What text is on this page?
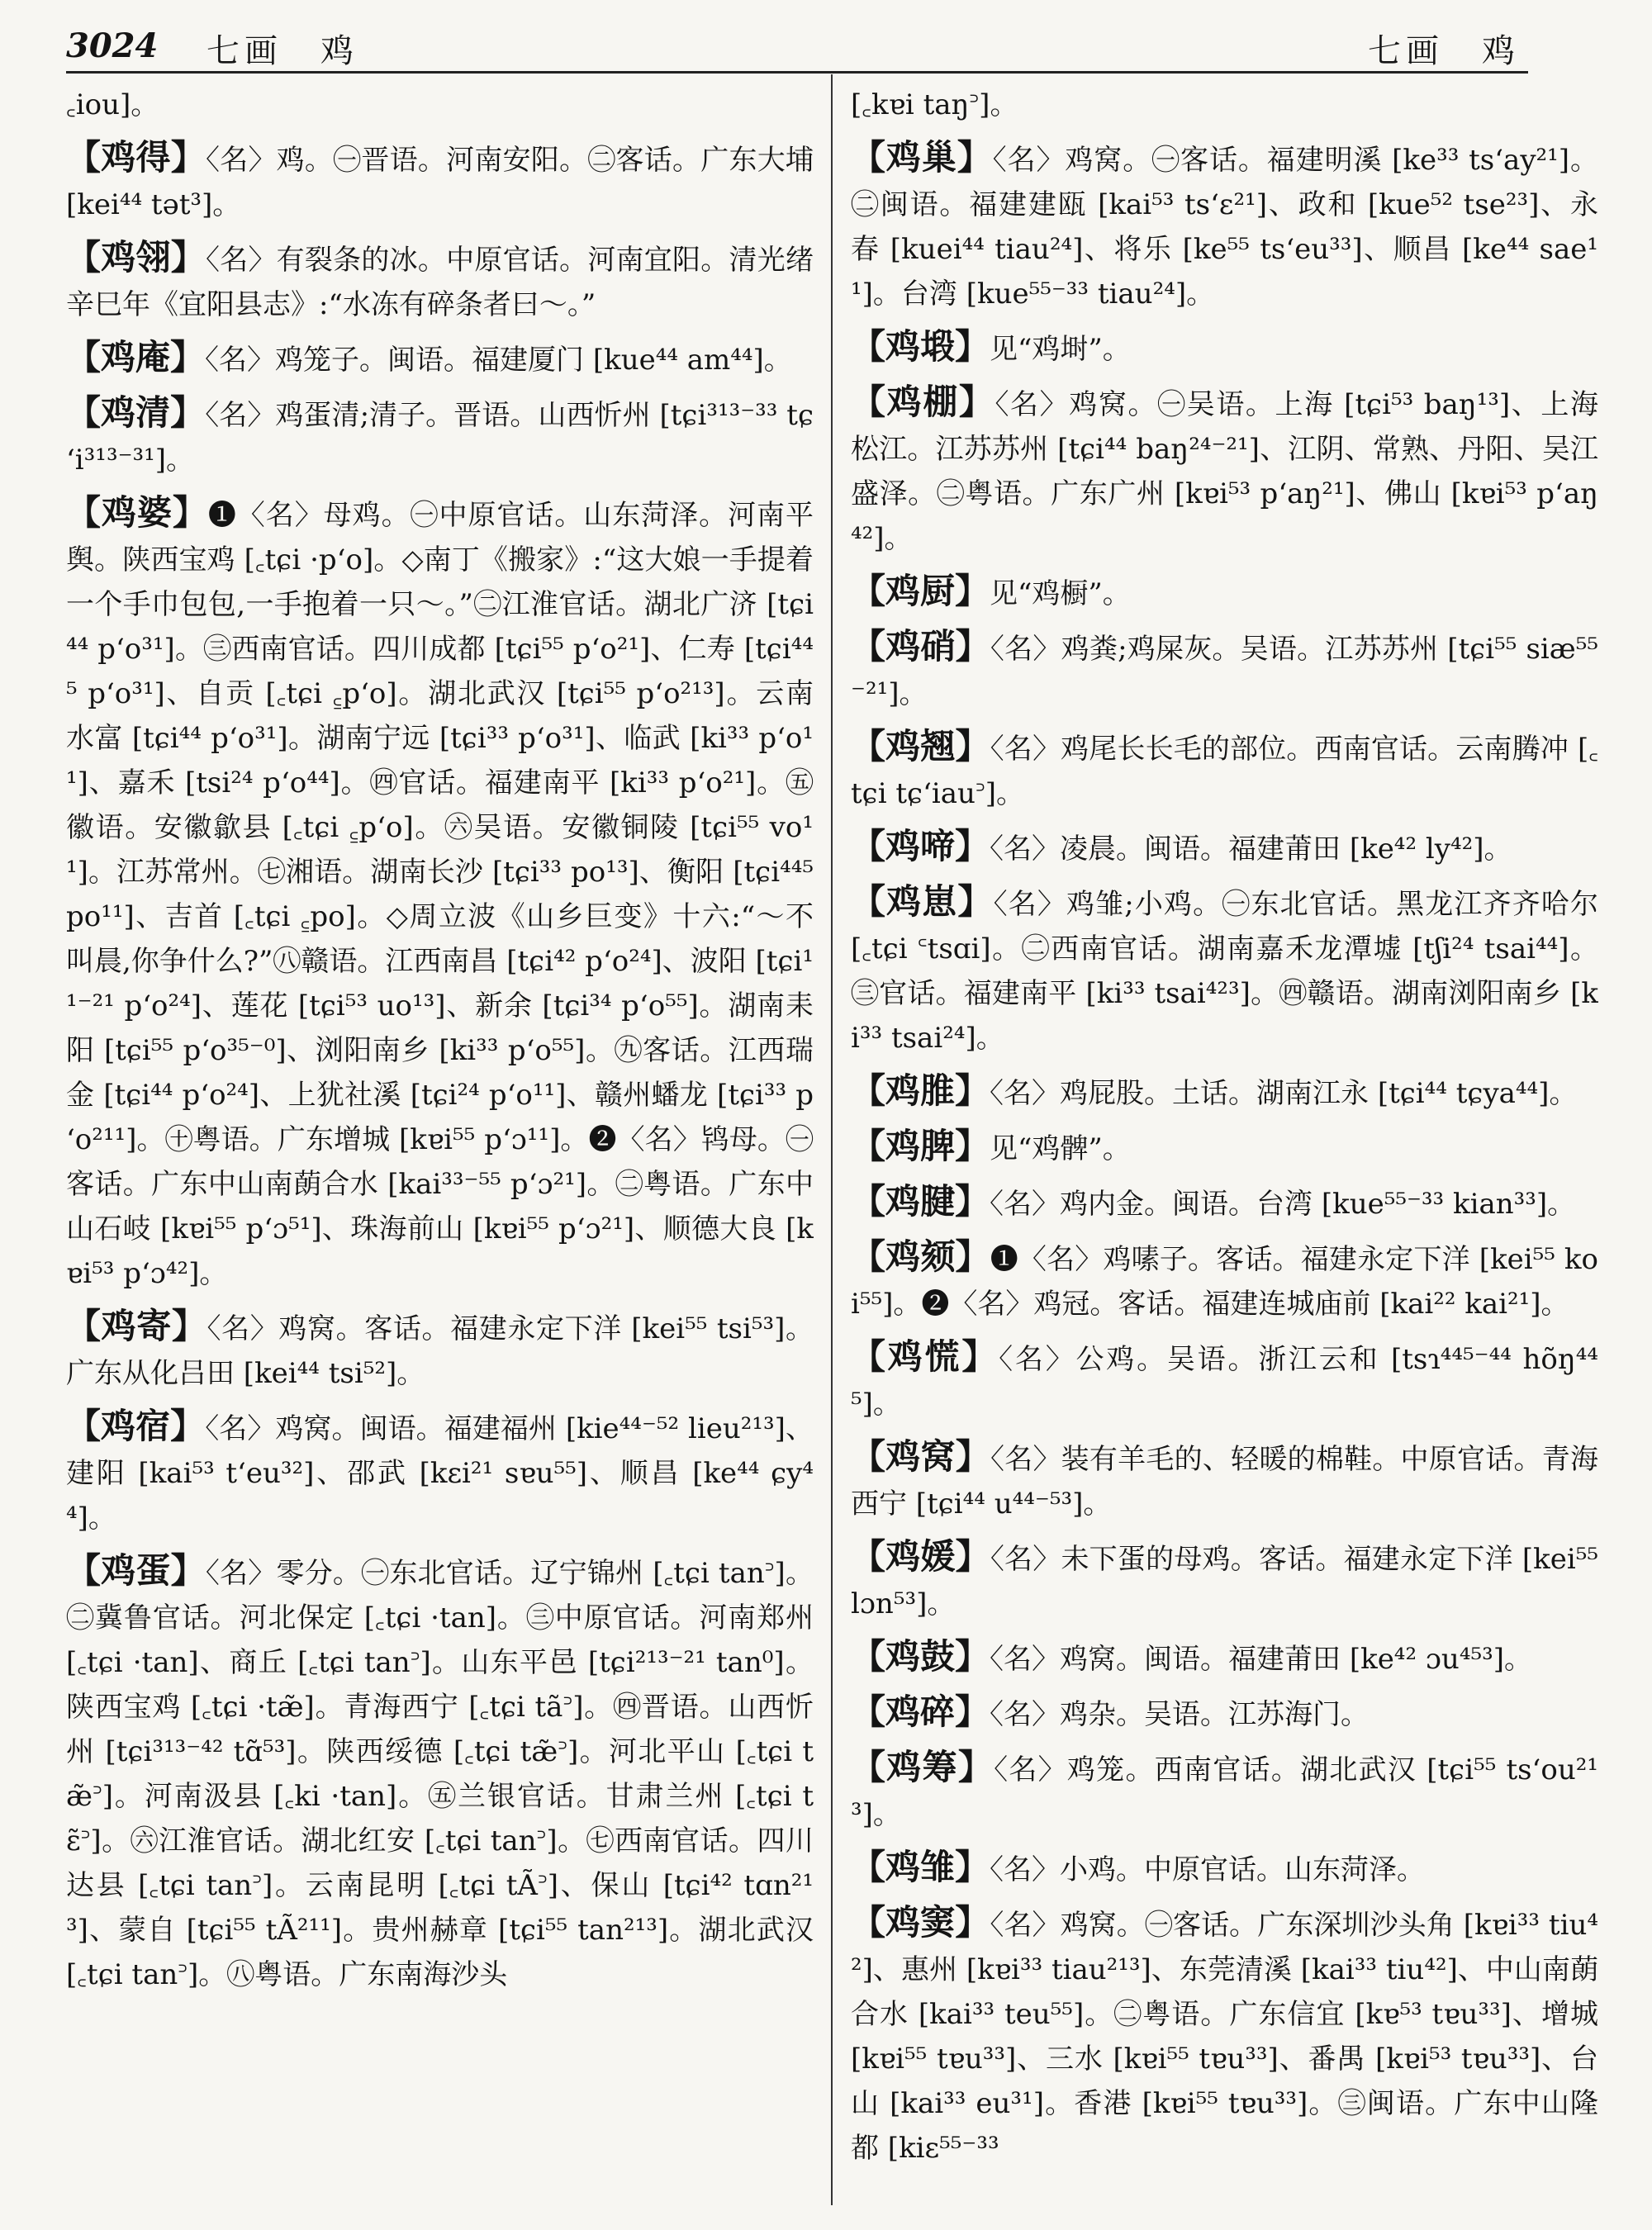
3024 七画　鸡	七画　鸡
꜀iou]。

【鸡得】〈名〉鸡。㊀晋语。河南安阳。㊁客话。广东大埔 [kei⁴⁴ tət³]。

【鸡翎】〈名〉有裂条的冰。中原官话。河南宜阳。清光绪辛巳年《宜阳县志》:“水冻有碎条者曰～。”

【鸡庵】〈名〉鸡笼子。闽语。福建厦门 [kue⁴⁴ am⁴⁴]。

【鸡清】〈名〉鸡蛋清;清子。晋语。山西忻州 [tɕi³¹³⁻³³ tɕʻi³¹³⁻³¹]。

【鸡婆】❶〈名〉母鸡。㊀中原官话。山东菏泽。河南平舆。陕西宝鸡 [꜀tɕi ·pʻo]。◇南丁《搬家》:“这大娘一手提着一个手巾包包,一手抱着一只～。”㊁江淮官话。湖北广济 [tɕi⁴⁴ pʻo³¹]。㊂西南官话。四川成都 [tɕi⁵⁵ pʻo²¹]、仁寿 [tɕi⁴⁴⁵ pʻo³¹]、自贡 [꜀tɕi ꜁pʻo]。湖北武汉 [tɕi⁵⁵ pʻo²¹³]。云南水富 [tɕi⁴⁴ pʻo³¹]。湖南宁远 [tɕi³³ pʻo³¹]、临武 [ki³³ pʻo¹¹]、嘉禾 [tsi²⁴ pʻo⁴⁴]。㊃官话。福建南平 [ki³³ pʻo²¹]。㊄徽语。安徽歙县 [꜀tɕi ꜁pʻo]。㊅吴语。安徽铜陵 [tɕi⁵⁵ vo¹¹]。江苏常州。㊆湘语。湖南长沙 [tɕi³³ po¹³]、衡阳 [tɕi⁴⁴⁵ po¹¹]、吉首 [꜀tɕi ꜁po]。◇周立波《山乡巨变》十六:“～不叫晨,你争什么?”㊇赣语。江西南昌 [tɕi⁴² pʻo²⁴]、波阳 [tɕi¹¹⁻²¹ pʻo²⁴]、莲花 [tɕi⁵³ uo¹³]、新余 [tɕi³⁴ pʻo⁵⁵]。湖南耒阳 [tɕi⁵⁵ pʻo³⁵⁻⁰]、浏阳南乡 [ki³³ pʻo⁵⁵]。㊈客话。江西瑞金 [tɕi⁴⁴ pʻo²⁴]、上犹社溪 [tɕi²⁴ pʻo¹¹]、赣州蟠龙 [tɕi³³ pʻo²¹¹]。㊉粤语。广东增城 [kɐi⁵⁵ pʻɔ¹¹]。❷〈名〉鸨母。㊀客话。广东中山南蓢合水 [kai³³⁻⁵⁵ pʻɔ²¹]。㊁粤语。广东中山石岐 [kɐi⁵⁵ pʻɔ⁵¹]、珠海前山 [kɐi⁵⁵ pʻɔ²¹]、顺德大良 [kɐi⁵³ pʻɔ⁴²]。

【鸡寄】〈名〉鸡窝。客话。福建永定下洋 [kei⁵⁵ tsi⁵³]。广东从化吕田 [kei⁴⁴ tsi⁵²]。

【鸡宿】〈名〉鸡窝。闽语。福建福州 [kie⁴⁴⁻⁵² lieu²¹³]、建阳 [kai⁵³ tʻeu³²]、邵武 [kɛi²¹ sɐu⁵⁵]、顺昌 [ke⁴⁴ ɕy⁴⁴]。

【鸡蛋】〈名〉零分。㊀东北官话。辽宁锦州 [꜀tɕi tan꜄]。㊁冀鲁官话。河北保定 [꜀tɕi ·tan]。㊂中原官话。河南郑州 [꜀tɕi ·tan]、商丘 [꜀tɕi tan꜄]。山东平邑 [tɕi²¹³⁻²¹ tan⁰]。陕西宝鸡 [꜀tɕi ·tæ̃]。青海西宁 [꜀tɕi tã꜄]。㊃晋语。山西忻州 [tɕi³¹³⁻⁴² tɑ̃⁵³]。陕西绥德 [꜀tɕi tæ̃꜄]。河北平山 [꜀tɕi tæ̃꜄]。河南汲县 [꜀ki ·tan]。㊄兰银官话。甘肃兰州 [꜀tɕi tɛ̃꜄]。㊅江淮官话。湖北红安 [꜀tɕi tan꜄]。㊆西南官话。四川达县 [꜀tɕi tan꜄]。云南昆明 [꜀tɕi tÃ꜄]、保山 [tɕi⁴² tɑn²¹³]、蒙自 [tɕi⁵⁵ tÃ²¹¹]。贵州赫章 [tɕi⁵⁵ tan²¹³]。湖北武汉 [꜀tɕi tan꜄]。㊇粤语。广东南海沙头

[꜀kɐi taŋ꜄]。

【鸡巢】〈名〉鸡窝。㊀客话。福建明溪 [ke³³ tsʻay²¹]。㊁闽语。福建建瓯 [kai⁵³ tsʻɛ²¹]、政和 [kue⁵² tse²³]、永春 [kuei⁴⁴ tiau²⁴]、将乐 [ke⁵⁵ tsʻeu³³]、顺昌 [ke⁴⁴ sae¹¹]。台湾 [kue⁵⁵⁻³³ tiau²⁴]。

【鸡塅】见“鸡埘”。

【鸡棚】〈名〉鸡窝。㊀吴语。上海 [tɕi⁵³ baŋ¹³]、上海松江。江苏苏州 [tɕi⁴⁴ baŋ²⁴⁻²¹]、江阴、常熟、丹阳、吴江盛泽。㊁粤语。广东广州 [kɐi⁵³ pʻaŋ²¹]、佛山 [kɐi⁵³ pʻaŋ⁴²]。

【鸡厨】见“鸡橱”。

【鸡硝】〈名〉鸡粪;鸡屎灰。吴语。江苏苏州 [tɕi⁵⁵ siæ⁵⁵⁻²¹]。

【鸡翘】〈名〉鸡尾长长毛的部位。西南官话。云南腾冲 [꜀tɕi tɕʻiau꜄]。

【鸡啼】〈名〉凌晨。闽语。福建莆田 [ke⁴² ly⁴²]。

【鸡崽】〈名〉鸡雏;小鸡。㊀东北官话。黑龙江齐齐哈尔 [꜀tɕi ꜂tsɑi]。㊁西南官话。湖南嘉禾龙潭墟 [tʃi²⁴ tsai⁴⁴]。㊂官话。福建南平 [ki³³ tsai⁴²³]。㊃赣语。湖南浏阳南乡 [ki³³ tsai²⁴]。

【鸡脽】〈名〉鸡屁股。土话。湖南江永 [tɕi⁴⁴ tɕya⁴⁴]。

【鸡脾】见“鸡髀”。

【鸡腱】〈名〉鸡内金。闽语。台湾 [kue⁵⁵⁻³³ kian³³]。

【鸡颏】❶〈名〉鸡嗉子。客话。福建永定下洋 [kei⁵⁵ koi⁵⁵]。❷〈名〉鸡冠。客话。福建连城庙前 [kai²² kai²¹]。

【鸡慌】〈名〉公鸡。吴语。浙江云和 [tsɿ⁴⁴⁵⁻⁴⁴ hõŋ⁴⁴⁵]。

【鸡窝】〈名〉装有羊毛的、轻暖的棉鞋。中原官话。青海西宁 [tɕi⁴⁴ u⁴⁴⁻⁵³]。

【鸡媛】〈名〉未下蛋的母鸡。客话。福建永定下洋 [kei⁵⁵ lɔn⁵³]。

【鸡鼓】〈名〉鸡窝。闽语。福建莆田 [ke⁴² ɔu⁴⁵³]。

【鸡碎】〈名〉鸡杂。吴语。江苏海门。

【鸡筹】〈名〉鸡笼。西南官话。湖北武汉 [tɕi⁵⁵ tsʻou²¹³]。

【鸡雏】〈名〉小鸡。中原官话。山东菏泽。

【鸡窦】〈名〉鸡窝。㊀客话。广东深圳沙头角 [kɐi³³ tiu⁴²]、惠州 [kɐi³³ tiau²¹³]、东莞清溪 [kai³³ tiu⁴²]、中山南蓢合水 [kai³³ teu⁵⁵]。㊁粤语。广东信宜 [kɐ⁵³ tɐu³³]、增城 [kɐi⁵⁵ tɐu³³]、三水 [kɐi⁵⁵ tɐu³³]、番禺 [kɐi⁵³ tɐu³³]、台山 [kai³³ eu³¹]。香港 [kɐi⁵⁵ tɐu³³]。㊂闽语。广东中山隆都 [kiɛ⁵⁵⁻³³
